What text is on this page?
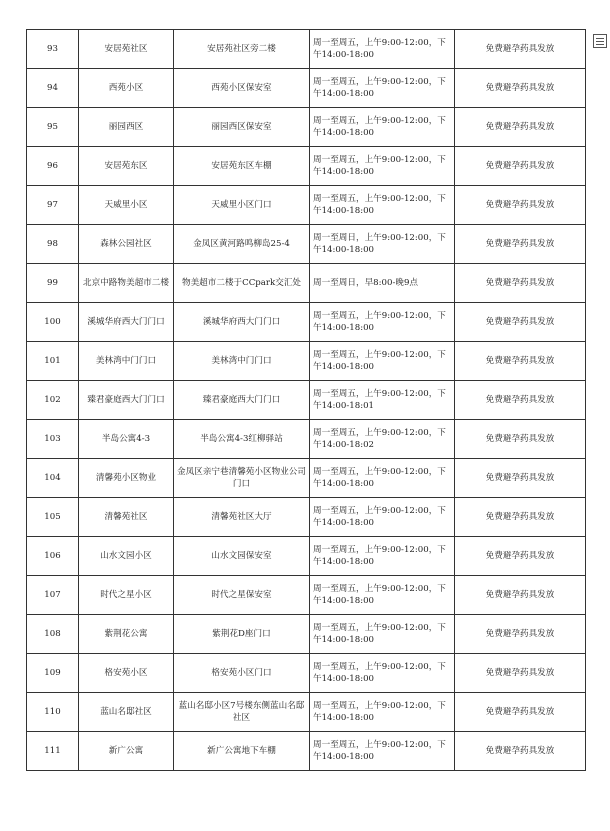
93	安居苑社区	安居苑社区旁二楼	周一至周五，上午9:00-12:00，下午14:00-18:00	免费避孕药具发放
94	西苑小区	西苑小区保安室	周一至周五，上午9:00-12:00，下午14:00-18:00	免费避孕药具发放
95	丽园西区	丽园西区保安室	周一至周五，上午9:00-12:00，下午14:00-18:00	免费避孕药具发放
96	安居苑东区	安居苑东区车棚	周一至周五，上午9:00-12:00，下午14:00-18:00	免费避孕药具发放
97	天威里小区	天威里小区门口	周一至周五，上午9:00-12:00，下午14:00-18:00	免费避孕药具发放
98	森林公园社区	金凤区黄河路鸣柳岛25-4	周一至周日，上午9:00-12:00，下午14:00-18:00	免费避孕药具发放
99	北京中路物美超市二楼	物美超市二楼于CCpark交汇处	周一至周日，早8:00-晚9点	免费避孕药具发放
100	溪城华府西大门门口	溪城华府西大门门口	周一至周五，上午9:00-12:00，下午14:00-18:00	免费避孕药具发放
101	美林湾中门门口	美林湾中门门口	周一至周五，上午9:00-12:00，下午14:00-18:00	免费避孕药具发放
102	臻君豪庭西大门门口	臻君豪庭西大门门口	周一至周五，上午9:00-12:00，下午14:00-18:01	免费避孕药具发放
103	半岛公寓4-3	半岛公寓4-3红柳驿站	周一至周五，上午9:00-12:00，下午14:00-18:02	免费避孕药具发放
104	清馨苑小区物业	金凤区亲宁巷清馨苑小区物业公司门口	周一至周五，上午9:00-12:00，下午14:00-18:00	免费避孕药具发放
105	清馨苑社区	清馨苑社区大厅	周一至周五，上午9:00-12:00，下午14:00-18:00	免费避孕药具发放
106	山水文园小区	山水文园保安室	周一至周五，上午9:00-12:00，下午14:00-18:00	免费避孕药具发放
107	时代之星小区	时代之星保安室	周一至周五，上午9:00-12:00，下午14:00-18:00	免费避孕药具发放
108	紫荆花公寓	紫荆花D座门口	周一至周五，上午9:00-12:00，下午14:00-18:00	免费避孕药具发放
109	格安苑小区	格安苑小区门口	周一至周五，上午9:00-12:00，下午14:00-18:00	免费避孕药具发放
110	蓝山名邸社区	蓝山名邸小区7号楼东侧蓝山名邸社区	周一至周五，上午9:00-12:00，下午14:00-18:00	免费避孕药具发放
111	新广公寓	新广公寓地下车棚	周一至周五，上午9:00-12:00，下午14:00-18:00	免费避孕药具发放
